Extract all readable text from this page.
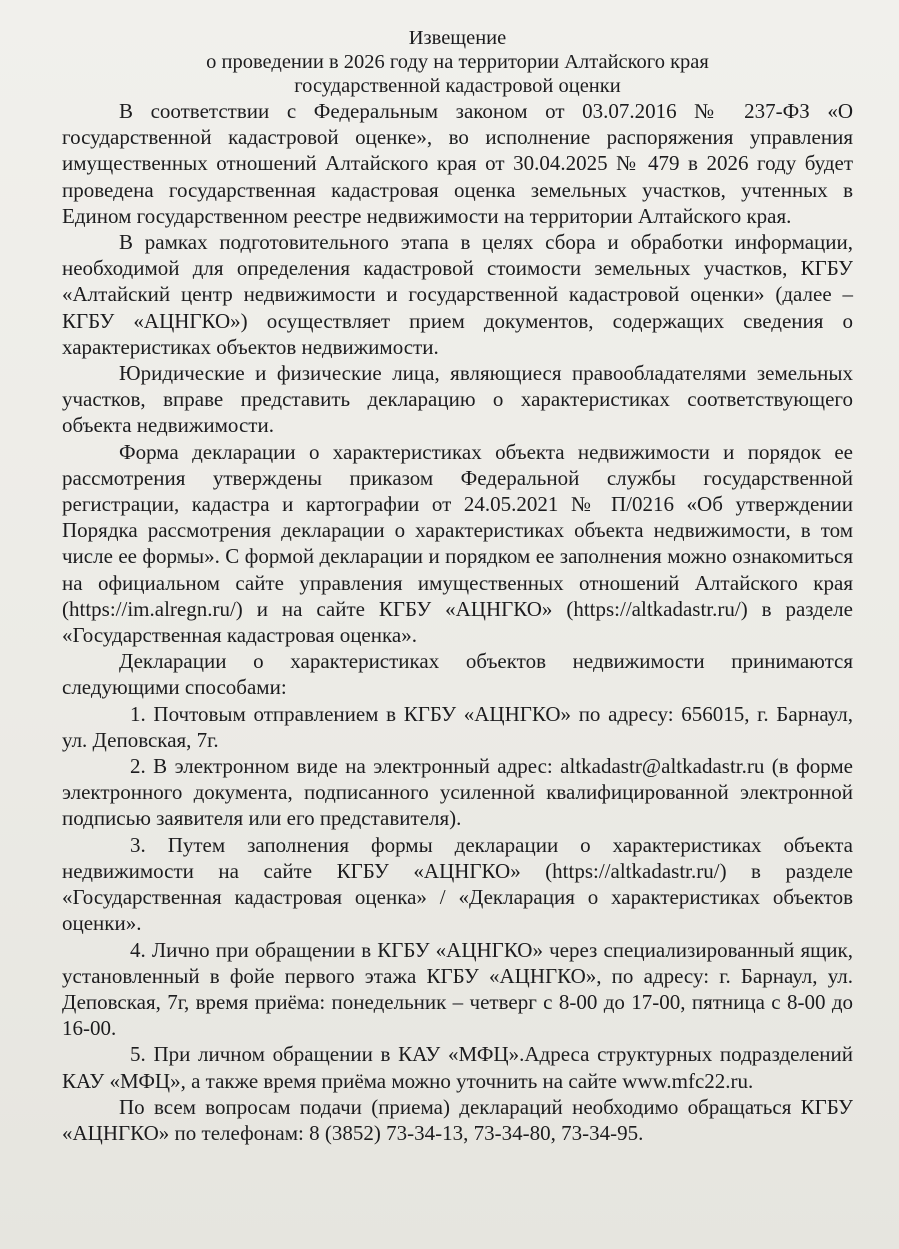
Извещение
о проведении в 2026 году на территории Алтайского края
государственной кадастровой оценки

В соответствии с Федеральным законом от 03.07.2016 № 237-ФЗ «О государственной кадастровой оценке», во исполнение распоряжения управления имущественных отношений Алтайского края от 30.04.2025 № 479 в 2026 году будет проведена государственная кадастровая оценка земельных участков, учтенных в Едином государственном реестре недвижимости на территории Алтайского края.

В рамках подготовительного этапа в целях сбора и обработки информации, необходимой для определения кадастровой стоимости земельных участков, КГБУ «Алтайский центр недвижимости и государственной кадастровой оценки» (далее – КГБУ «АЦНГКО») осуществляет прием документов, содержащих сведения о характеристиках объектов недвижимости.

Юридические и физические лица, являющиеся правообладателями земельных участков, вправе представить декларацию о характеристиках соответствующего объекта недвижимости.

Форма декларации о характеристиках объекта недвижимости и порядок ее рассмотрения утверждены приказом Федеральной службы государственной регистрации, кадастра и картографии от 24.05.2021 № П/0216 «Об утверждении Порядка рассмотрения декларации о характеристиках объекта недвижимости, в том числе ее формы». С формой декларации и порядком ее заполнения можно ознакомиться на официальном сайте управления имущественных отношений Алтайского края (https://im.alregn.ru/) и на сайте КГБУ «АЦНГКО» (https://altkadastr.ru/) в разделе «Государственная кадастровая оценка».

Декларации о характеристиках объектов недвижимости принимаются следующими способами:

1. Почтовым отправлением в КГБУ «АЦНГКО» по адресу: 656015, г. Барнаул, ул. Деповская, 7г.

2. В электронном виде на электронный адрес: altkadastr@altkadastr.ru (в форме электронного документа, подписанного усиленной квалифицированной электронной подписью заявителя или его представителя).

3. Путем заполнения формы декларации о характеристиках объекта недвижимости на сайте КГБУ «АЦНГКО» (https://altkadastr.ru/) в разделе «Государственная кадастровая оценка» / «Декларация о характеристиках объектов оценки».

4. Лично при обращении в КГБУ «АЦНГКО» через специализированный ящик, установленный в фойе первого этажа КГБУ «АЦНГКО», по адресу: г. Барнаул, ул. Деповская, 7г, время приёма: понедельник – четверг с 8-00 до 17-00, пятница с 8-00 до 16-00.

5. При личном обращении в КАУ «МФЦ».Адреса структурных подразделений КАУ «МФЦ», а также время приёма можно уточнить на сайте www.mfc22.ru.

По всем вопросам подачи (приема) деклараций необходимо обращаться КГБУ «АЦНГКО» по телефонам: 8 (3852) 73-34-13, 73-34-80, 73-34-95.
